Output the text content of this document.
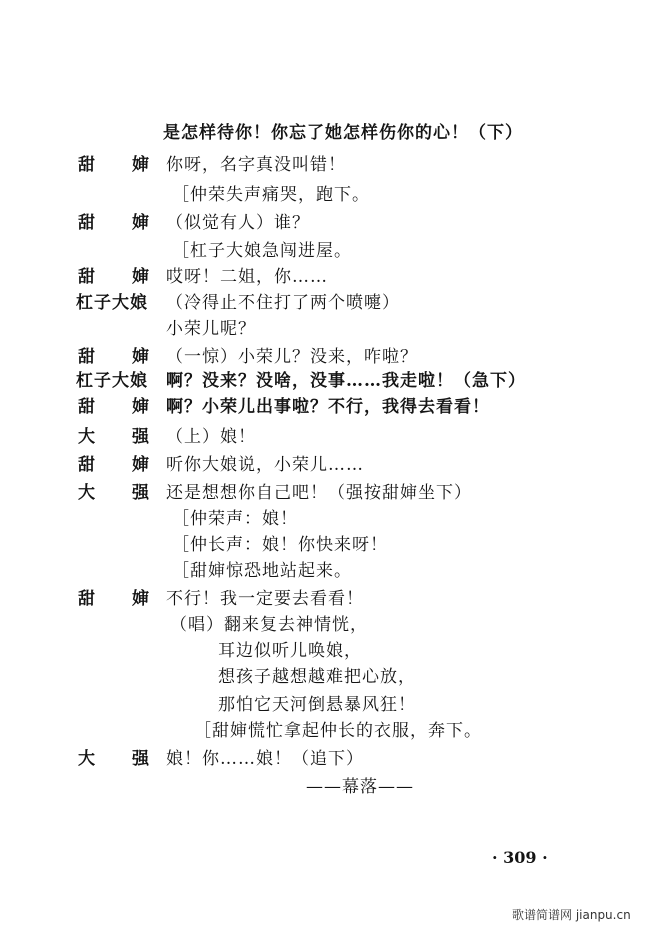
是怎样待你！你忘了她怎样伤你的心！（下）
甜　　婶 你呀，名字真没叫错！
［仲荣失声痛哭，跑下。
甜　　婶 （似觉有人）谁？
［杠子大娘急闯进屋。
甜　　婶 哎呀！二姐，你……
杠子大娘 （冷得止不住打了两个喷嚏）
小荣儿呢？
甜　　婶 （一惊）小荣儿？没来，咋啦？
杠子大娘 啊？没来？没啥，没事……我走啦！（急下）
甜　　婶 啊？小荣儿出事啦？不行，我得去看看！
大　　强 （上）娘！
甜　　婶 听你大娘说，小荣儿……
大　　强 还是想想你自己吧！（强按甜婶坐下）
［仲荣声：娘！
［仲长声：娘！你快来呀！
［甜婶惊恐地站起来。
甜　　婶 不行！我一定要去看看！
（唱）翻来复去神情恍，
耳边似听儿唤娘，
想孩子越想越难把心放，
那怕它天河倒悬暴风狂！
［甜婶慌忙拿起仲长的衣服，奔下。
大　　强 娘！你……娘！（追下）
——幕落——
· 309 ·
歌谱简谱网 jianpu.cn
